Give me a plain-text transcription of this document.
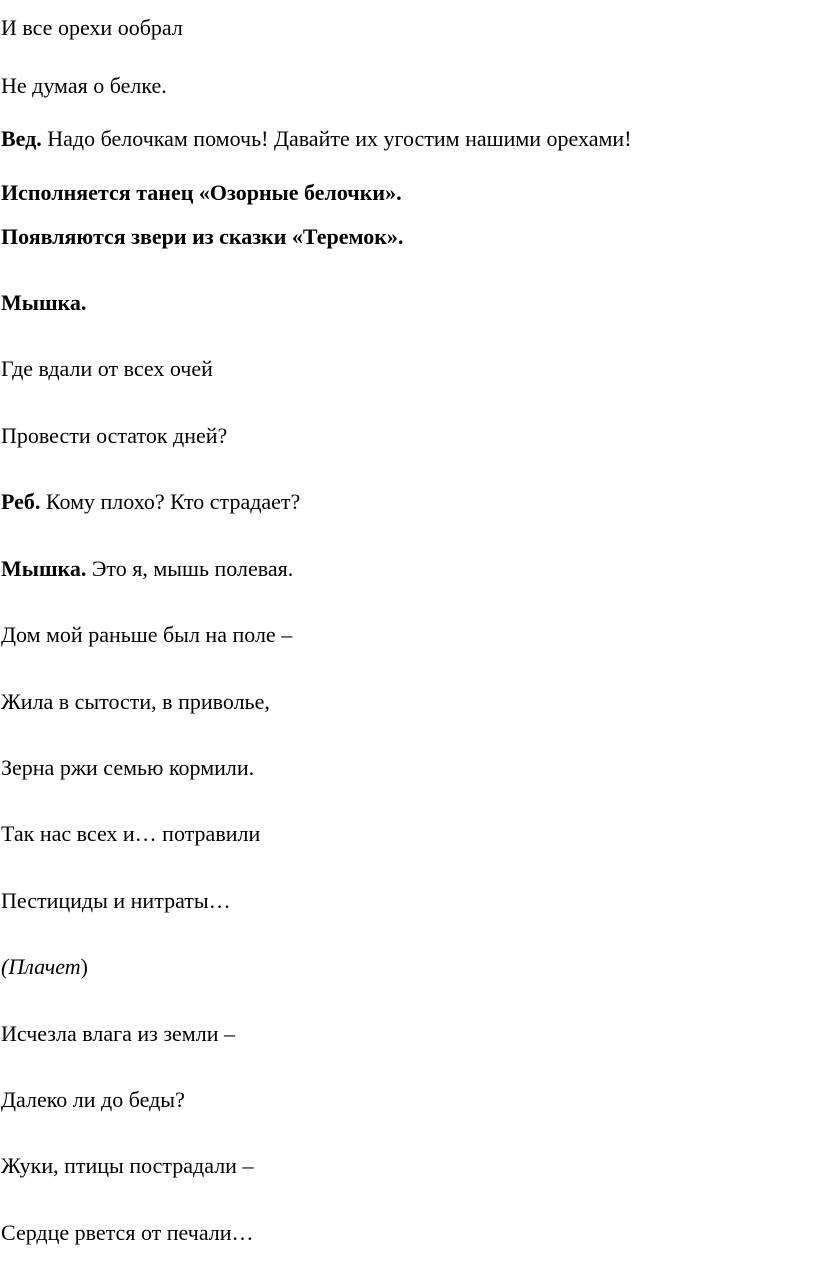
И все орехи ообрал
Не думая о белке.
Вед. Надо белочкам помочь! Давайте их угостим нашими орехами!
Исполняется танец «Озорные белочки».
Появляются звери из сказки «Теремок».
Мышка.
Где вдали от всех очей
Провести остаток дней?
Реб. Кому плохо? Кто страдает?
Мышка. Это я, мышь полевая.
Дом мой раньше был на поле –
Жила в сытости, в приволье,
Зерна ржи семью кормили.
Так нас всех и… потравили
Пестициды и нитраты…
(Плачет)
Исчезла влага из земли –
Далеко ли до беды?
Жуки, птицы пострадали –
Сердце рвется от печали…
